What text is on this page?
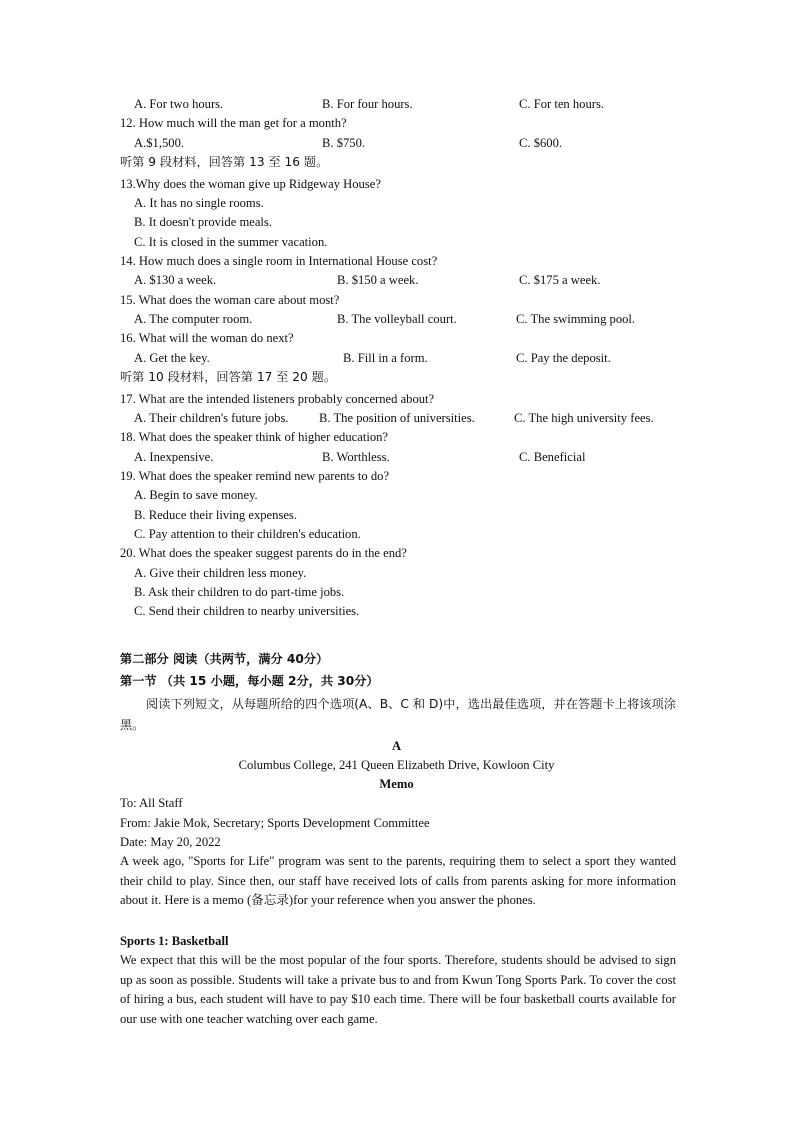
A. For two hours.	B. For four hours.	C. For ten hours.
12. How much will the man get for a month?
A.$1,500.	B. $750.	C. $600.
听第 9 段材料，回答第 13 至 16 题。
13.Why does the woman give up Ridgeway House?
A. It has no single rooms.
B. It doesn't provide meals.
C. It is closed in the summer vacation.
14. How much does a single room in International House cost?
A. $130 a week.	B. $150 a week.	C. $175 a week.
15. What does the woman care about most?
A. The computer room.	B. The volleyball court.	C. The swimming pool.
16. What will the woman do next?
A. Get the key.	B. Fill in a form.	C. Pay the deposit.
听第 10 段材料，回答第 17 至 20 题。
17. What are the intended listeners probably concerned about?
A. Their children's future jobs. B. The position of universities.	C. The high university fees.
18. What does the speaker think of higher education?
A. Inexpensive.	B. Worthless.	C. Beneficial
19. What does the speaker remind new parents to do?
A. Begin to save money.
B. Reduce their living expenses.
C. Pay attention to their children's education.
20. What does the speaker suggest parents do in the end?
A. Give their children less money.
B. Ask their children to do part-time jobs.
C. Send their children to nearby universities.
第二部分 阅读（共两节，满分 40分）
第一节 （共 15 小题，每小题 2分，共 30分）
阅读下列短文，从每题所给的四个选项(A、B、C 和 D)中，选出最佳选项，并在答题卡上将该项涂黑。
A
Columbus College, 241 Queen Elizabeth Drive, Kowloon City
Memo
To: All Staff
From: Jakie Mok, Secretary; Sports Development Committee
Date: May 20, 2022
A week ago, "Sports for Life" program was sent to the parents, requiring them to select a sport they wanted their child to play. Since then, our staff have received lots of calls from parents asking for more information about it. Here is a memo (备忘录)for your reference when you answer the phones.
Sports 1: Basketball
We expect that this will be the most popular of the four sports. Therefore, students should be advised to sign up as soon as possible. Students will take a private bus to and from Kwun Tong Sports Park. To cover the cost of hiring a bus, each student will have to pay $10 each time. There will be four basketball courts available for our use with one teacher watching over each game.
